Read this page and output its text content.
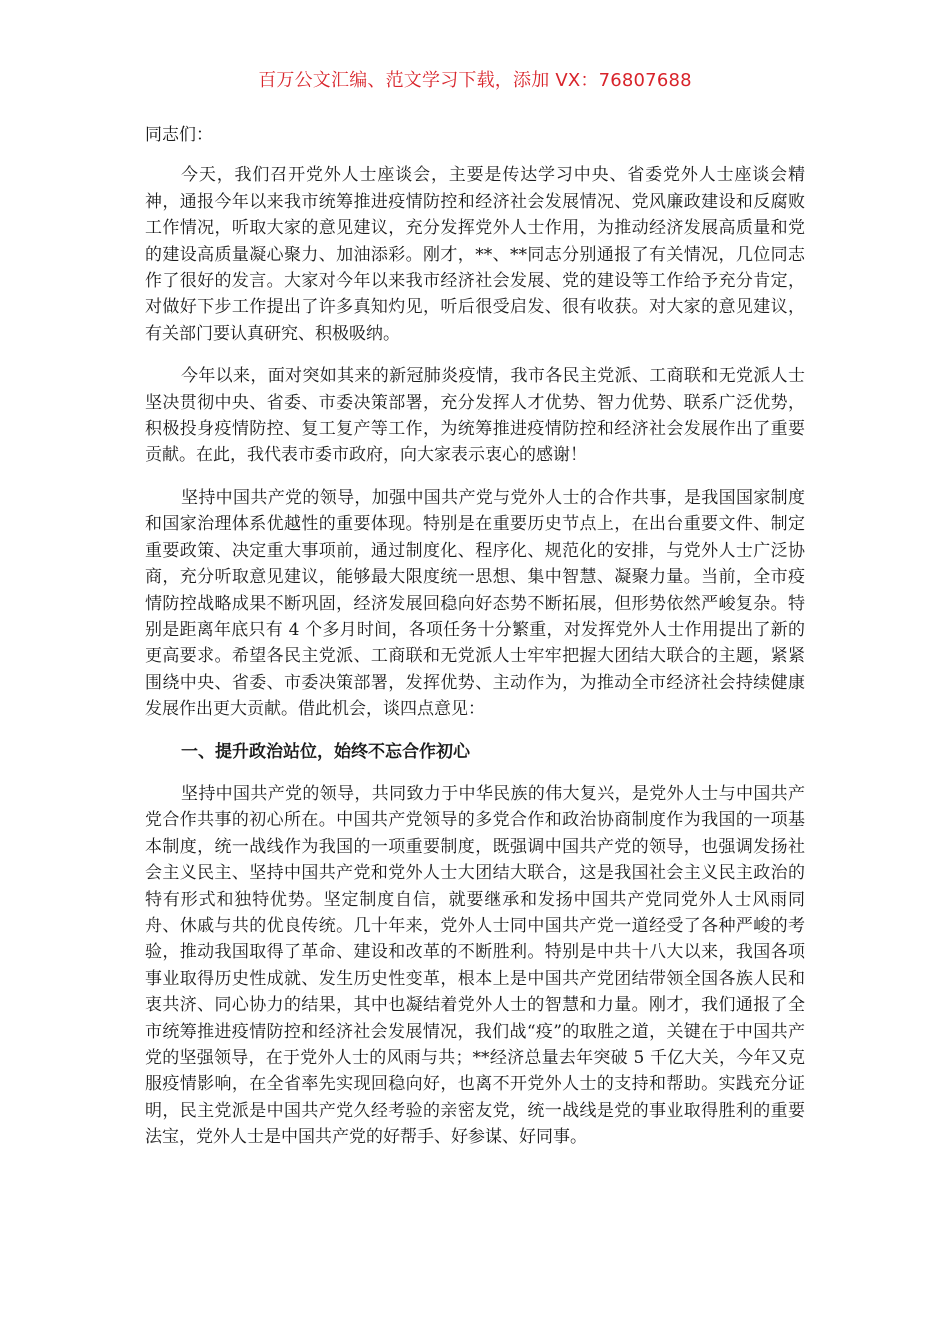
百万公文汇编、范文学习下载，添加 VX：76807688

同志们：

今天，我们召开党外人士座谈会，主要是传达学习中央、省委党外人士座谈会精神，通报今年以来我市统筹推进疫情防控和经济社会发展情况、党风廉政建设和反腐败工作情况，听取大家的意见建议，充分发挥党外人士作用，为推动经济发展高质量和党的建设高质量凝心聚力、加油添彩。刚才，**、**同志分别通报了有关情况，几位同志作了很好的发言。大家对今年以来我市经济社会发展、党的建设等工作给予充分肯定，对做好下步工作提出了许多真知灼见，听后很受启发、很有收获。对大家的意见建议，有关部门要认真研究、积极吸纳。

今年以来，面对突如其来的新冠肺炎疫情，我市各民主党派、工商联和无党派人士坚决贯彻中央、省委、市委决策部署，充分发挥人才优势、智力优势、联系广泛优势，积极投身疫情防控、复工复产等工作，为统筹推进疫情防控和经济社会发展作出了重要贡献。在此，我代表市委市政府，向大家表示衷心的感谢！

坚持中国共产党的领导，加强中国共产党与党外人士的合作共事，是我国国家制度和国家治理体系优越性的重要体现。特别是在重要历史节点上，在出台重要文件、制定重要政策、决定重大事项前，通过制度化、程序化、规范化的安排，与党外人士广泛协商，充分听取意见建议，能够最大限度统一思想、集中智慧、凝聚力量。当前，全市疫情防控战略成果不断巩固，经济发展回稳向好态势不断拓展，但形势依然严峻复杂。特别是距离年底只有 4 个多月时间，各项任务十分繁重，对发挥党外人士作用提出了新的更高要求。希望各民主党派、工商联和无党派人士牢牢把握大团结大联合的主题，紧紧围绕中央、省委、市委决策部署，发挥优势、主动作为，为推动全市经济社会持续健康发展作出更大贡献。借此机会，谈四点意见：

一、提升政治站位，始终不忘合作初心

坚持中国共产党的领导，共同致力于中华民族的伟大复兴，是党外人士与中国共产党合作共事的初心所在。中国共产党领导的多党合作和政治协商制度作为我国的一项基本制度，统一战线作为我国的一项重要制度，既强调中国共产党的领导，也强调发扬社会主义民主、坚持中国共产党和党外人士大团结大联合，这是我国社会主义民主政治的特有形式和独特优势。坚定制度自信，就要继承和发扬中国共产党同党外人士风雨同舟、休戚与共的优良传统。几十年来，党外人士同中国共产党一道经受了各种严峻的考验，推动我国取得了革命、建设和改革的不断胜利。特别是中共十八大以来，我国各项事业取得历史性成就、发生历史性变革，根本上是中国共产党团结带领全国各族人民和衷共济、同心协力的结果，其中也凝结着党外人士的智慧和力量。刚才，我们通报了全市统筹推进疫情防控和经济社会发展情况，我们战“疫”的取胜之道，关键在于中国共产党的坚强领导，在于党外人士的风雨与共；**经济总量去年突破 5 千亿大关，今年又克服疫情影响，在全省率先实现回稳向好，也离不开党外人士的支持和帮助。实践充分证明，民主党派是中国共产党久经考验的亲密友党，统一战线是党的事业取得胜利的重要法宝，党外人士是中国共产党的好帮手、好参谋、好同事。
